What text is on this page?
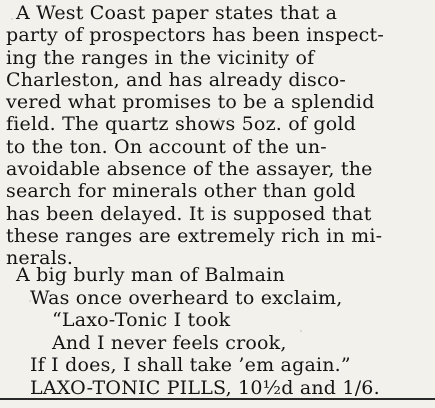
A West Coast paper states that a
party of prospectors has been inspect-
ing the ranges in the vicinity of
Charleston, and has already disco-
vered what promises to be a splendid
field. The quartz shows 5oz. of gold
to the ton. On account of the un-
avoidable absence of the assayer, the
search for minerals other than gold
has been delayed. It is supposed that
these ranges are extremely rich in mi-
nerals.
A big burly man of Balmain
Was once overheard to exclaim,
“Laxo-Tonic I took
And I never feels crook,
If I does, I shall take ’em again.”
LAXO-TONIC PILLS, 10½d and 1/6.
